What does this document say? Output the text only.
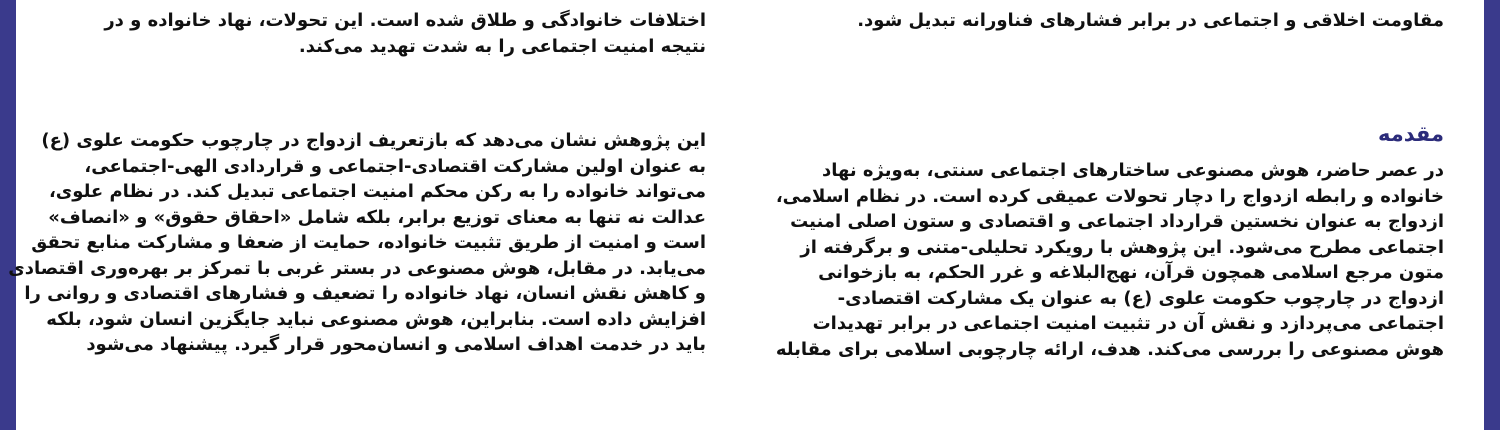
مقاومت اخلاقی و اجتماعی در برابر فشارهای فناورانه تبدیل شود.
اختلافات خانوادگی و طلاق شده است. این تحولات، نهاد خانواده و در
نتیجه امنیت اجتماعی را به شدت تهدید می‌کند.
مقدمه
در عصر حاضر، هوش مصنوعی ساختارهای اجتماعی سنتی، به‌ویژه نهاد
خانواده و رابطه ازدواج را دچار تحولات عمیقی کرده است. در نظام اسلامی،
ازدواج به عنوان نخستین قرارداد اجتماعی و اقتصادی و ستون اصلی امنیت
اجتماعی مطرح می‌شود. این پژوهش با رویکرد تحلیلی-متنی و برگرفته از
متون مرجع اسلامی همچون قرآن، نهج‌البلاغه و غرر الحکم، به بازخوانی
ازدواج در چارچوب حکومت علوی (ع) به عنوان یک مشارکت اقتصادی-
اجتماعی می‌پردازد و نقش آن در تثبیت امنیت اجتماعی در برابر تهدیدات
هوش مصنوعی را بررسی می‌کند. هدف، ارائه چارچوبی اسلامی برای مقابله
این پژوهش نشان می‌دهد که بازتعریف ازدواج در چارچوب حکومت علوی (ع)
به عنوان اولین مشارکت اقتصادی-اجتماعی و قراردادی الهی-اجتماعی،
می‌تواند خانواده را به رکن محکم امنیت اجتماعی تبدیل کند. در نظام علوی،
عدالت نه تنها به معنای توزیع برابر، بلکه شامل «احقاق حقوق» و «انصاف»
است و امنیت از طریق تثبیت خانواده، حمایت از ضعفا و مشارکت منابع تحقق
می‌یابد. در مقابل، هوش مصنوعی در بستر غربی با تمرکز بر بهره‌وری اقتصادی
و کاهش نقش انسان، نهاد خانواده را تضعیف و فشارهای اقتصادی و روانی را
افزایش داده است. بنابراین، هوش مصنوعی نباید جایگزین انسان شود، بلکه
باید در خدمت اهداف اسلامی و انسان‌محور قرار گیرد. پیشنهاد می‌شود
